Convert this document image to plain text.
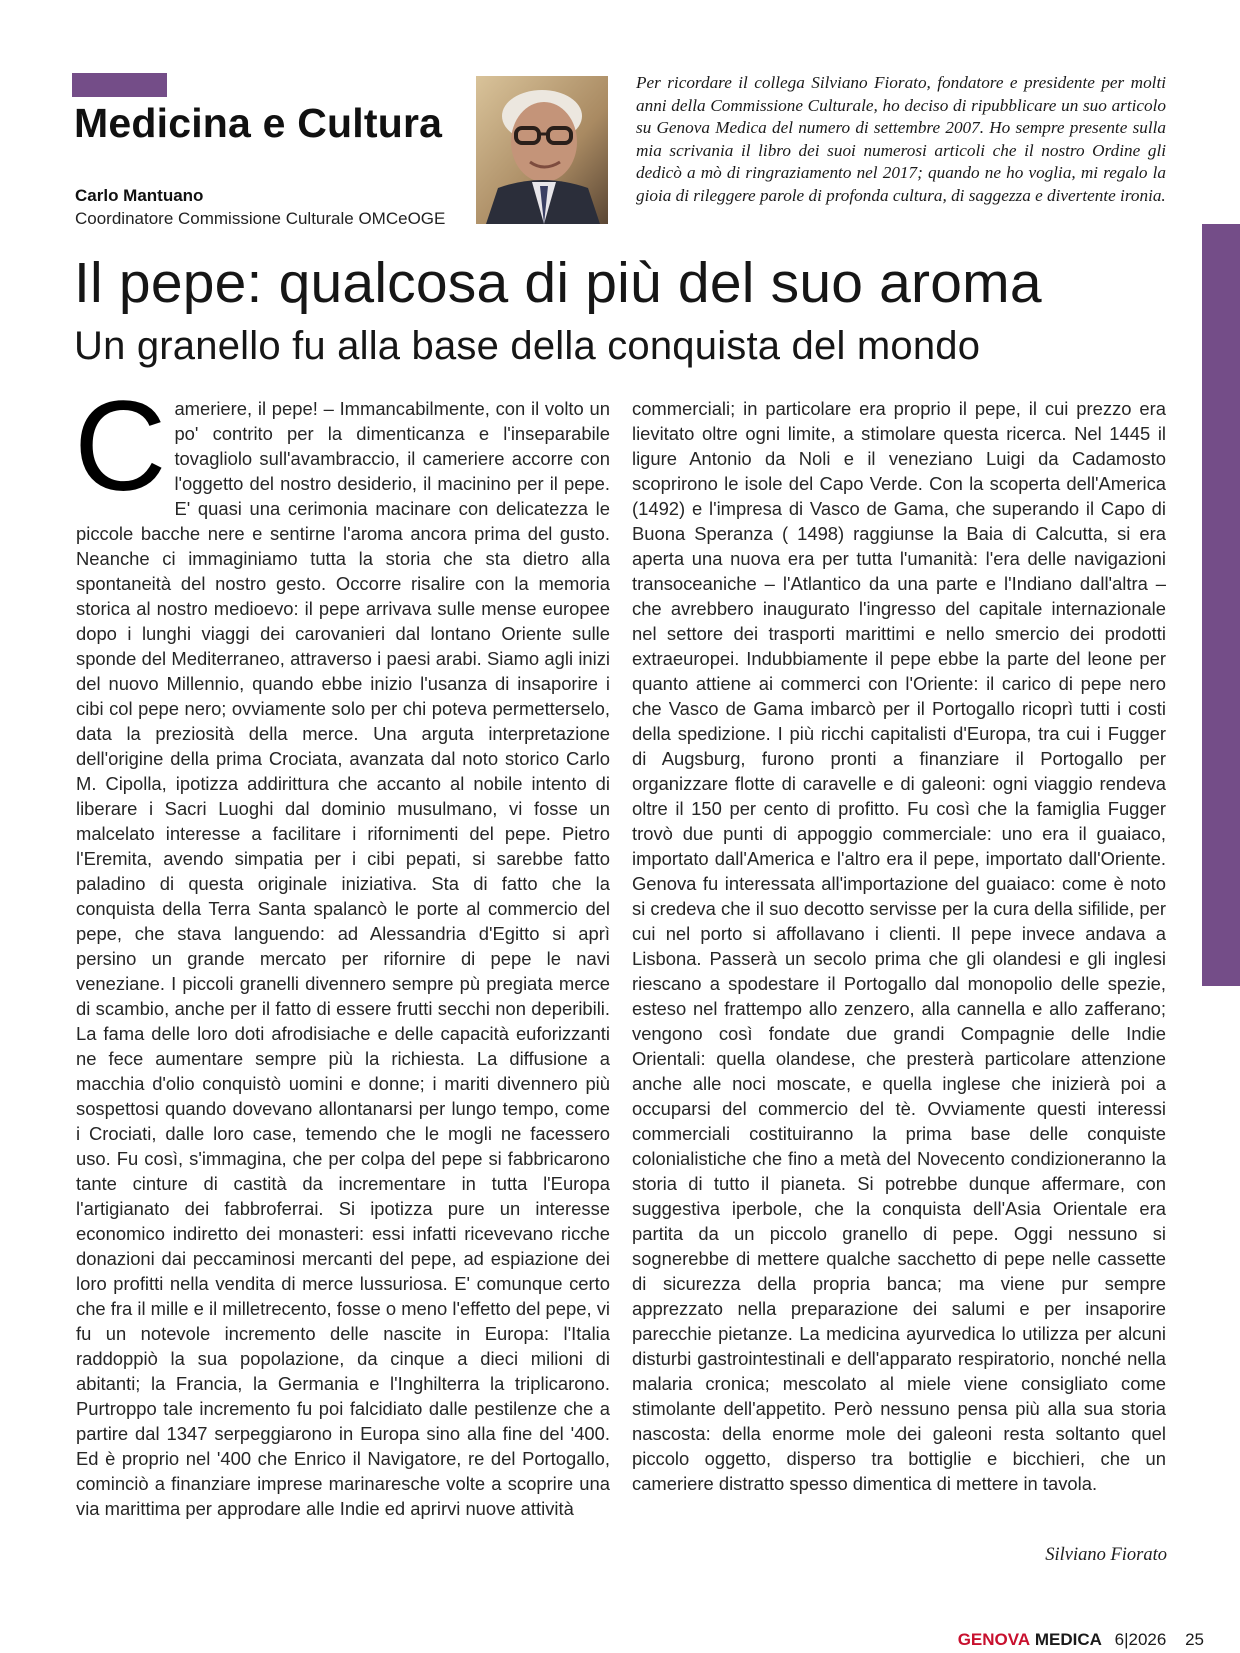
Medicina e Cultura
Carlo Mantuano
Coordinatore Commissione Culturale OMCeOGE
Per ricordare il collega Silviano Fiorato, fondatore e presidente per molti anni della Commissione Culturale, ho deciso di ripubblicare un suo articolo su Genova Medica del numero di settembre 2007. Ho sempre presente sulla mia scrivania il libro dei suoi numerosi articoli che il nostro Ordine gli dedicò a mò di ringraziamento nel 2017; quando ne ho voglia, mi regalo la gioia di rileggere parole di profonda cultura, di saggezza e divertente ironia.
Il pepe: qualcosa di più del suo aroma
Un granello fu alla base della conquista del mondo

Cameriere, il pepe! – Immancabilmente, con il volto un po' contrito per la dimenticanza e l'inseparabile tovagliolo sull'avambraccio, il cameriere accorre con l'oggetto del nostro desiderio, il macinino per il pepe. E' quasi una cerimonia macinare con delicatezza le piccole bacche nere e sentirne l'aroma ancora prima del gusto. Neanche ci immaginiamo tutta la storia che sta dietro alla spontaneità del nostro gesto. Occorre risalire con la memoria storica al nostro medioevo: il pepe arrivava sulle mense europee dopo i lunghi viaggi dei carovanieri dal lontano Oriente sulle sponde del Mediterraneo, attraverso i paesi arabi. Siamo agli inizi del nuovo Millennio, quando ebbe inizio l'usanza di insaporire i cibi col pepe nero; ovviamente solo per chi poteva permetterselo, data la preziosità della merce. Una arguta interpretazione dell'origine della prima Crociata, avanzata dal noto storico Carlo M. Cipolla, ipotizza addirittura che accanto al nobile intento di liberare i Sacri Luoghi dal dominio musulmano, vi fosse un malcelato interesse a facilitare i rifornimenti del pepe. Pietro l'Eremita, avendo simpatia per i cibi pepati, si sarebbe fatto paladino di questa originale iniziativa. Sta di fatto che la conquista della Terra Santa spalancò le porte al commercio del pepe, che stava languendo: ad Alessandria d'Egitto si aprì persino un grande mercato per rifornire di pepe le navi veneziane. I piccoli granelli divennero sempre pù pregiata merce di scambio, anche per il fatto di essere frutti secchi non deperibili. La fama delle loro doti afrodisiache e delle capacità euforizzanti ne fece aumentare sempre più la richiesta. La diffusione a macchia d'olio conquistò uomini e donne; i mariti divennero più sospettosi quando dovevano allontanarsi per lungo tempo, come i Crociati, dalle loro case, temendo che le mogli ne facessero uso. Fu così, s'immagina, che per colpa del pepe si fabbricarono tante cinture di castità da incrementare in tutta l'Europa l'artigianato dei fabbroferrai. Si ipotizza pure un interesse economico indiretto dei monasteri: essi infatti ricevevano ricche donazioni dai peccaminosi mercanti del pepe, ad espiazione dei loro profitti nella vendita di merce lussuriosa. E' comunque certo che fra il mille e il milletrecento, fosse o meno l'effetto del pepe, vi fu un notevole incremento delle nascite in Europa: l'Italia raddoppiò la sua popolazione, da cinque a dieci milioni di abitanti; la Francia, la Germania e l'Inghilterra la triplicarono. Purtroppo tale incremento fu poi falcidiato dalle pestilenze che a partire dal 1347 serpeggiarono in Europa sino alla fine del '400. Ed è proprio nel '400 che Enrico il Navigatore, re del Portogallo, cominciò a finanziare imprese marinaresche volte a scoprire una via marittima per approdare alle Indie ed aprirvi nuove attività

commerciali; in particolare era proprio il pepe, il cui prezzo era lievitato oltre ogni limite, a stimolare questa ricerca. Nel 1445 il ligure Antonio da Noli e il veneziano Luigi da Cadamosto scoprirono le isole del Capo Verde. Con la scoperta dell'America (1492) e l'impresa di Vasco de Gama, che superando il Capo di Buona Speranza ( 1498) raggiunse la Baia di Calcutta, si era aperta una nuova era per tutta l'umanità: l'era delle navigazioni transoceaniche – l'Atlantico da una parte e l'Indiano dall'altra – che avrebbero inaugurato l'ingresso del capitale internazionale nel settore dei trasporti marittimi e nello smercio dei prodotti extraeuropei. Indubbiamente il pepe ebbe la parte del leone per quanto attiene ai commerci con l'Oriente: il carico di pepe nero che Vasco de Gama imbarcò per il Portogallo ricoprì tutti i costi della spedizione. I più ricchi capitalisti d'Europa, tra cui i Fugger di Augsburg, furono pronti a finanziare il Portogallo per organizzare flotte di caravelle e di galeoni: ogni viaggio rendeva oltre il 150 per cento di profitto. Fu così che la famiglia Fugger trovò due punti di appoggio commerciale: uno era il guaiaco, importato dall'America e l'altro era il pepe, importato dall'Oriente. Genova fu interessata all'importazione del guaiaco: come è noto si credeva che il suo decotto servisse per la cura della sifilide, per cui nel porto si affollavano i clienti. Il pepe invece andava a Lisbona. Passerà un secolo prima che gli olandesi e gli inglesi riescano a spodestare il Portogallo dal monopolio delle spezie, esteso nel frattempo allo zenzero, alla cannella e allo zafferano; vengono così fondate due grandi Compagnie delle Indie Orientali: quella olandese, che presterà particolare attenzione anche alle noci moscate, e quella inglese che inizierà poi a occuparsi del commercio del tè. Ovviamente questi interessi commerciali costituiranno la prima base delle conquiste colonialistiche che fino a metà del Novecento condizioneranno la storia di tutto il pianeta. Si potrebbe dunque affermare, con suggestiva iperbole, che la conquista dell'Asia Orientale era partita da un piccolo granello di pepe. Oggi nessuno si sognerebbe di mettere qualche sacchetto di pepe nelle cassette di sicurezza della propria banca; ma viene pur sempre apprezzato nella preparazione dei salumi e per insaporire parecchie pietanze. La medicina ayurvedica lo utilizza per alcuni disturbi gastrointestinali e dell'apparato respiratorio, nonché nella malaria cronica; mescolato al miele viene consigliato come stimolante dell'appetito. Però nessuno pensa più alla sua storia nascosta: della enorme mole dei galeoni resta soltanto quel piccolo oggetto, disperso tra bottiglie e bicchieri, che un cameriere distratto spesso dimentica di mettere in tavola.

Silviano Fiorato
GENOVA MEDICA 6|2026 25
